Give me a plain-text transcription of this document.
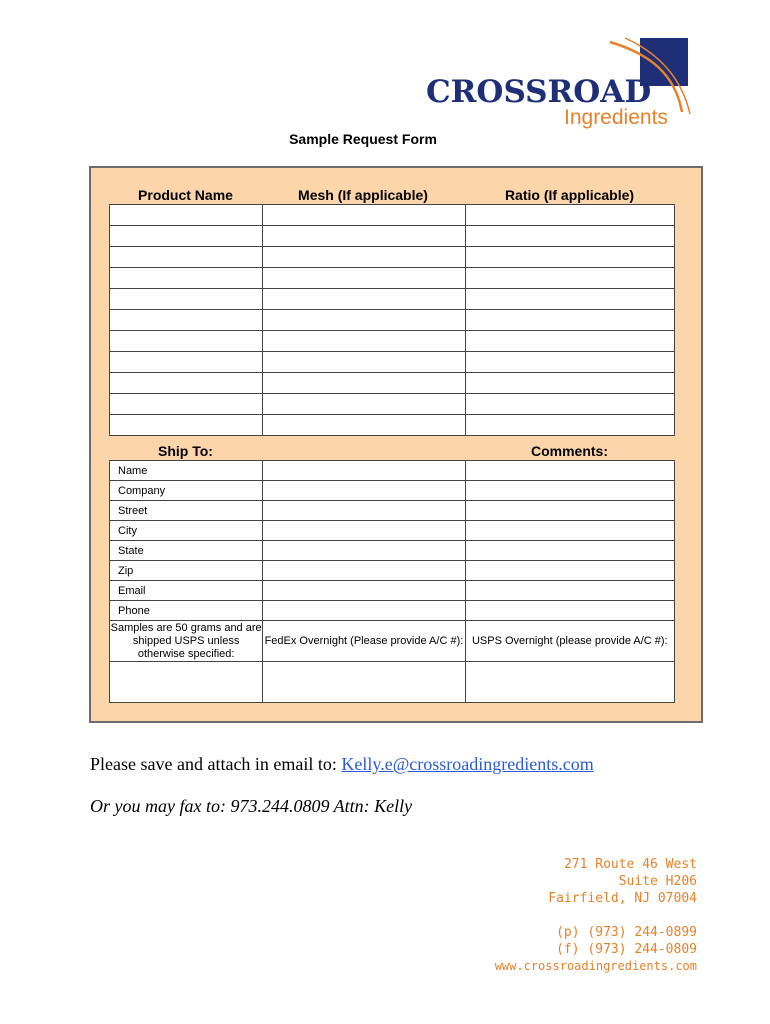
CROSSROAD
Ingredients
Sample Request Form
Product Name	Mesh (If applicable)	Ratio (If applicable)

Ship To:	Comments:
Name		
Company		
Street		
City		
State		
Zip		
Email		
Phone		
Samples are 50 grams and are shipped USPS unless otherwise specified:	FedEx Overnight (Please provide A/C #):	USPS Overnight (please provide A/C #):

Please save and attach in email to: Kelly.e@crossroadingredients.com
Or you may fax to: 973.244.0809 Attn: Kelly
271 Route 46 West
Suite H206
Fairfield, NJ 07004
(p) (973) 244-0899
(f) (973) 244-0809
www.crossroadingredients.com
